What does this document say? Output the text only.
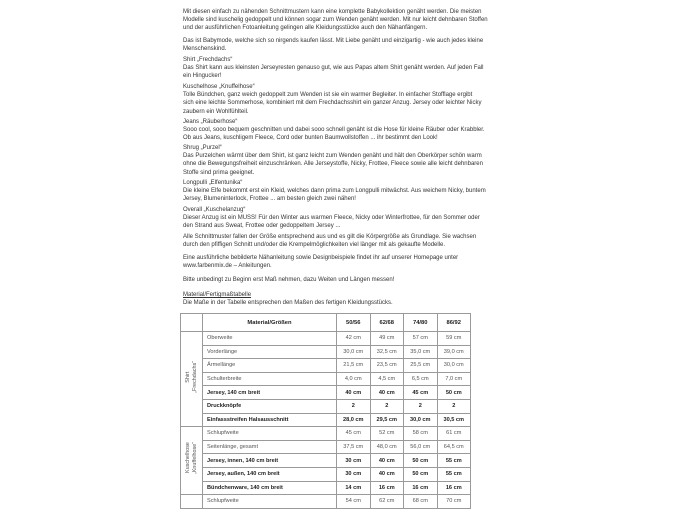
Mit diesen einfach zu nähenden Schnittmustern kann eine komplette Babykollektion genäht werden. Die meisten
Modelle sind kuschelig gedoppelt und können sogar zum Wenden genäht werden. Mit nur leicht dehnbaren Stoffen
und der ausführlichen Fotoanleitung gelingen alle Kleidungsstücke auch den Nähanfängern.
Das ist Babymode, welche sich so nirgends kaufen lässt. Mit Liebe genäht und einzigartig - wie auch jedes kleine
Menschenskind.
Shirt „Frechdachs“
Das Shirt kann aus kleinsten Jerseyresten genauso gut, wie aus Papas altem Shirt genäht werden. Auf jeden Fall
ein Hingucker!
Kuschelhose „Knuffelhose“
Tolle Bündchen, ganz weich gedoppelt zum Wenden ist sie ein warmer Begleiter. In einfacher Stofflage ergibt
sich eine leichte Sommerhose, kombiniert mit dem Frechdachsshirt ein ganzer Anzug. Jersey oder leichter Nicky
zaubern ein Wohlfühlteil.
Jeans „Räuberhose“
Sooo cool, sooo bequem geschnitten und dabei sooo schnell genäht ist die Hose für kleine Räuber oder Krabbler.
Ob aus Jeans, kuschligem Fleece, Cord oder bunten Baumwollstoffen ... ihr bestimmt den Look!
Shrug „Purzel“
Das Purzelchen wärmt über dem Shirt, ist ganz leicht zum Wenden genäht und hält den Oberkörper schön warm
ohne die Bewegungsfreiheit einzuschränken. Alle Jerseystoffe, Nicky, Frottee, Fleece sowie alle leicht dehnbaren
Stoffe sind prima geeignet.
Longpulli „Elfentunika“
Die kleine Elfe bekommt erst ein Kleid, welches dann prima zum Longpulli mitwächst. Aus weichem Nicky, buntem
Jersey, Blumeninterlock, Frottee ... am besten gleich zwei nähen!
Overall „Kuschelanzug“
Dieser Anzug ist ein MUSS! Für den Winter aus warmen Fleece, Nicky oder Winterfrottee, für den Sommer oder
den Strand aus Sweat, Frottee oder gedoppeltem Jersey ...
Alle Schnittmuster fallen der Größe entsprechend aus und es gilt die Körpergröße als Grundlage. Sie wachsen
durch den pfiffigen Schnitt und/oder die Krempelmöglichkeiten viel länger mit als gekaufte Modelle.
Eine ausführliche bebilderte Nähanleitung sowie Designbeispiele findet ihr auf unserer Homepage unter
www.farbenmix.de – Anleitungen.
Bitte unbedingt zu Beginn erst Maß nehmen, dazu Weiten und Längen messen!
Material/Fertigmaßtabelle
Die Maße in der Tabelle entsprechen den Maßen des fertigen Kleidungsstücks.
	Material/Größen	50/56	62/68	74/80	86/92

Shirt „Frechdachs“	Oberweite	42 cm	49 cm	57 cm	59 cm
	Vorderlänge	30,0 cm	32,5 cm	35,0 cm	39,0 cm
	Ärmellänge	21,5 cm	23,5 cm	25,5 cm	30,0 cm
	Schulterbreite	4,0 cm	4,5 cm	6,5 cm	7,0 cm
	Jersey, 140 cm breit	40 cm	40 cm	45 cm	50 cm
	Druckknöpfe	2	2	2	2
	Einfassstreifen Halsausschnitt	28,0 cm	29,5 cm	30,0 cm	30,5 cm

Kuschelhose „Knuffelhose“	Schlupfweite	45 cm	52 cm	58 cm	61 cm
	Seitenlänge, gesamt	37,5 cm	48,0 cm	56,0 cm	64,5 cm
	Jersey, innen, 140 cm breit	30 cm	40 cm	50 cm	55 cm
	Jersey, außen, 140 cm breit	30 cm	40 cm	50 cm	55 cm
	Bündchenware, 140 cm breit	14 cm	16 cm	16 cm	16 cm
	Schlupfweite	54 cm	62 cm	68 cm	70 cm
